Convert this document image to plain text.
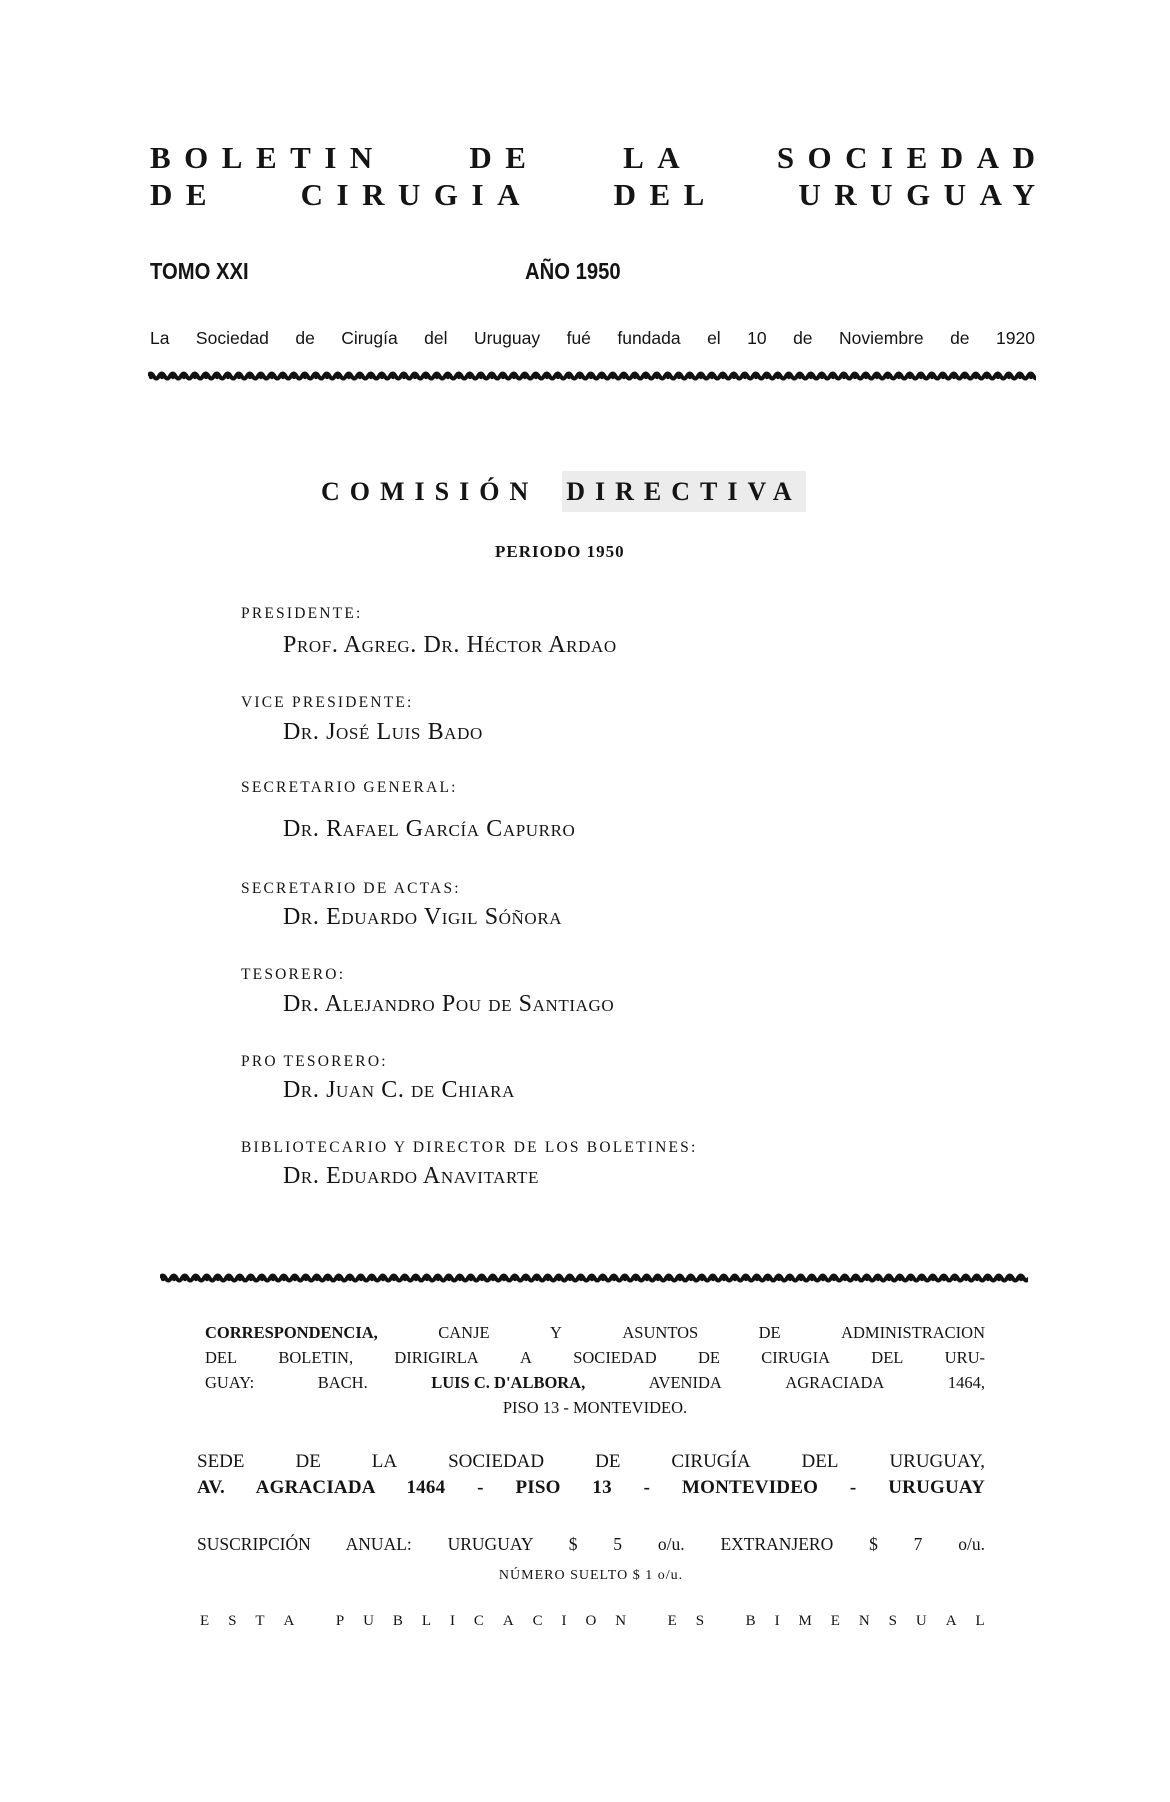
BOLETIN	DE	LA	SOCIEDAD
DE	CIRUGIA	DEL	URUGUAY
TOMO XXI	AÑO 1950
La Sociedad de Cirugía del Uruguay fué fundada el 10 de Noviembre de 1920
COMISIÓN DIRECTIVA
PERIODO 1950
PRESIDENTE:
Prof. Agreg. Dr. Héctor Ardao
VICE PRESIDENTE:
Dr. José Luis Bado
SECRETARIO GENERAL:
Dr. Rafael García Capurro
SECRETARIO DE ACTAS:
Dr. Eduardo Vigil Sóñora
TESORERO:
Dr. Alejandro Pou de Santiago
PRO TESORERO:
Dr. Juan C. de Chiara
BIBLIOTECARIO Y DIRECTOR DE LOS BOLETINES:
Dr. Eduardo Anavitarte
CORRESPONDENCIA,	CANJE	Y	ASUNTOS	DE	ADMINISTRACION
DEL	BOLETIN,	DIRIGIRLA	A	SOCIEDAD	DE	CIRUGIA	DEL	URU-
GUAY:	BACH.	LUIS C. D'ALBORA,	AVENIDA	AGRACIADA	1464,
PISO 13 - MONTEVIDEO.
SEDE	DE	LA	SOCIEDAD	DE	CIRUGÍA	DEL	URUGUAY,
AV. AGRACIADA 1464 - PISO 13 - MONTEVIDEO - URUGUAY
SUSCRIPCIÓN ANUAL: URUGUAY $ 5 o/u. EXTRANJERO $ 7 o/u.
NÚMERO SUELTO $ 1 o/u.
E S T A
	P U B L I C A C I O N
	E S
	B I M E N S U A L
